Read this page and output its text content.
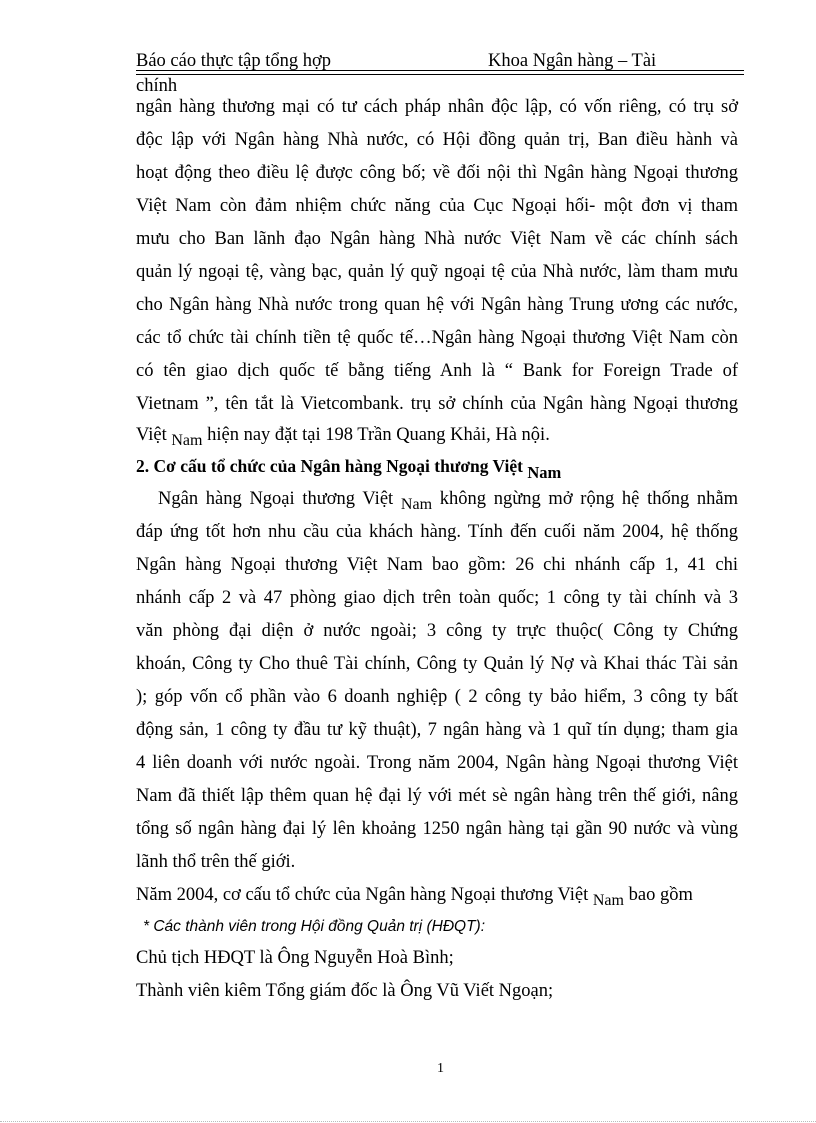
Báo cáo thực tập tổng hợp	Khoa Ngân hàng – Tài
chính
ngân hàng thương mại có tư cách pháp nhân độc lập, có vốn riêng, có trụ sở
độc lập với Ngân hàng Nhà nước, có Hội đồng quản trị, Ban điều hành và
hoạt động theo điều lệ được công bố; về đối nội thì Ngân hàng Ngoại thương
Việt Nam còn đảm nhiệm chức năng của Cục Ngoại hối- một đơn vị tham
mưu cho Ban lãnh đạo Ngân hàng Nhà nước Việt Nam về các chính sách
quản lý ngoại tệ, vàng bạc, quản lý quỹ ngoại tệ của Nhà nước, làm tham mưu
cho Ngân hàng Nhà nước trong quan hệ với Ngân hàng Trung ương các nước,
các tổ chức tài chính tiền tệ quốc tế…Ngân hàng Ngoại thương Việt Nam còn
có tên giao dịch quốc tế bằng tiếng Anh là “ Bank for Foreign Trade of
Vietnam ”, tên tắt là Vietcombank. trụ sở chính của Ngân hàng Ngoại thương
Việt Nam hiện nay đặt tại 198 Trần Quang Khải, Hà nội.
2. Cơ cấu tổ chức của Ngân hàng Ngoại thương Việt Nam
Ngân hàng Ngoại thương Việt Nam không ngừng mở rộng hệ thống nhằm
đáp ứng tốt hơn nhu cầu của khách hàng. Tính đến cuối năm 2004, hệ thống
Ngân hàng Ngoại thương Việt Nam bao gồm: 26 chi nhánh cấp 1, 41 chi
nhánh cấp 2 và 47 phòng giao dịch trên toàn quốc; 1 công ty tài chính và 3
văn phòng đại diện ở nước ngoài; 3 công ty trực thuộc( Công ty Chứng
khoán, Công ty Cho thuê Tài chính, Công ty Quản lý Nợ và Khai thác Tài sản
); góp vốn cổ phần vào 6 doanh nghiệp ( 2 công ty bảo hiểm, 3 công ty bất
động sản, 1 công ty đầu tư kỹ thuật), 7 ngân hàng và 1 quĩ tín dụng; tham gia
4 liên doanh với nước ngoài. Trong năm 2004, Ngân hàng Ngoại thương Việt
Nam đã thiết lập thêm quan hệ đại lý với mét sè ngân hàng trên thế giới, nâng
tổng số ngân hàng đại lý lên khoảng 1250 ngân hàng tại gần 90 nước và vùng
lãnh thổ trên thế giới.
Năm 2004, cơ cấu tổ chức của Ngân hàng Ngoại thương Việt Nam bao gồm
* Các thành viên trong Hội đồng Quản trị (HĐQT):
Chủ tịch HĐQT là Ông Nguyễn Hoà Bình;
Thành viên kiêm Tổng giám đốc là Ông Vũ Viết Ngoạn;
1
